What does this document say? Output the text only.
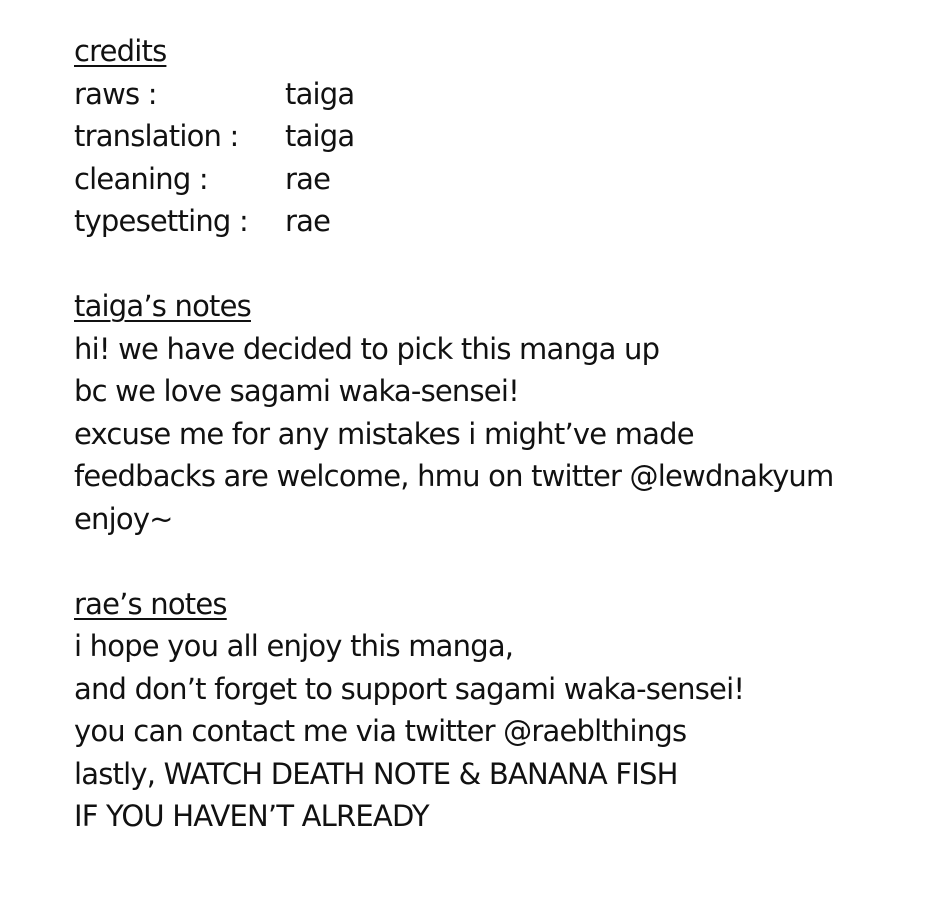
credits
raws :	taiga
translation :	taiga
cleaning :	rae
typesetting :	rae
taiga’s notes
hi! we have decided to pick this manga up
bc we love sagami waka-sensei!
excuse me for any mistakes i might’ve made
feedbacks are welcome, hmu on twitter @lewdnakyum
enjoy~
rae’s notes
i hope you all enjoy this manga,
and don’t forget to support sagami waka-sensei!
you can contact me via twitter @raeblthings
lastly, WATCH DEATH NOTE & BANANA FISH
IF YOU HAVEN’T ALREADY
